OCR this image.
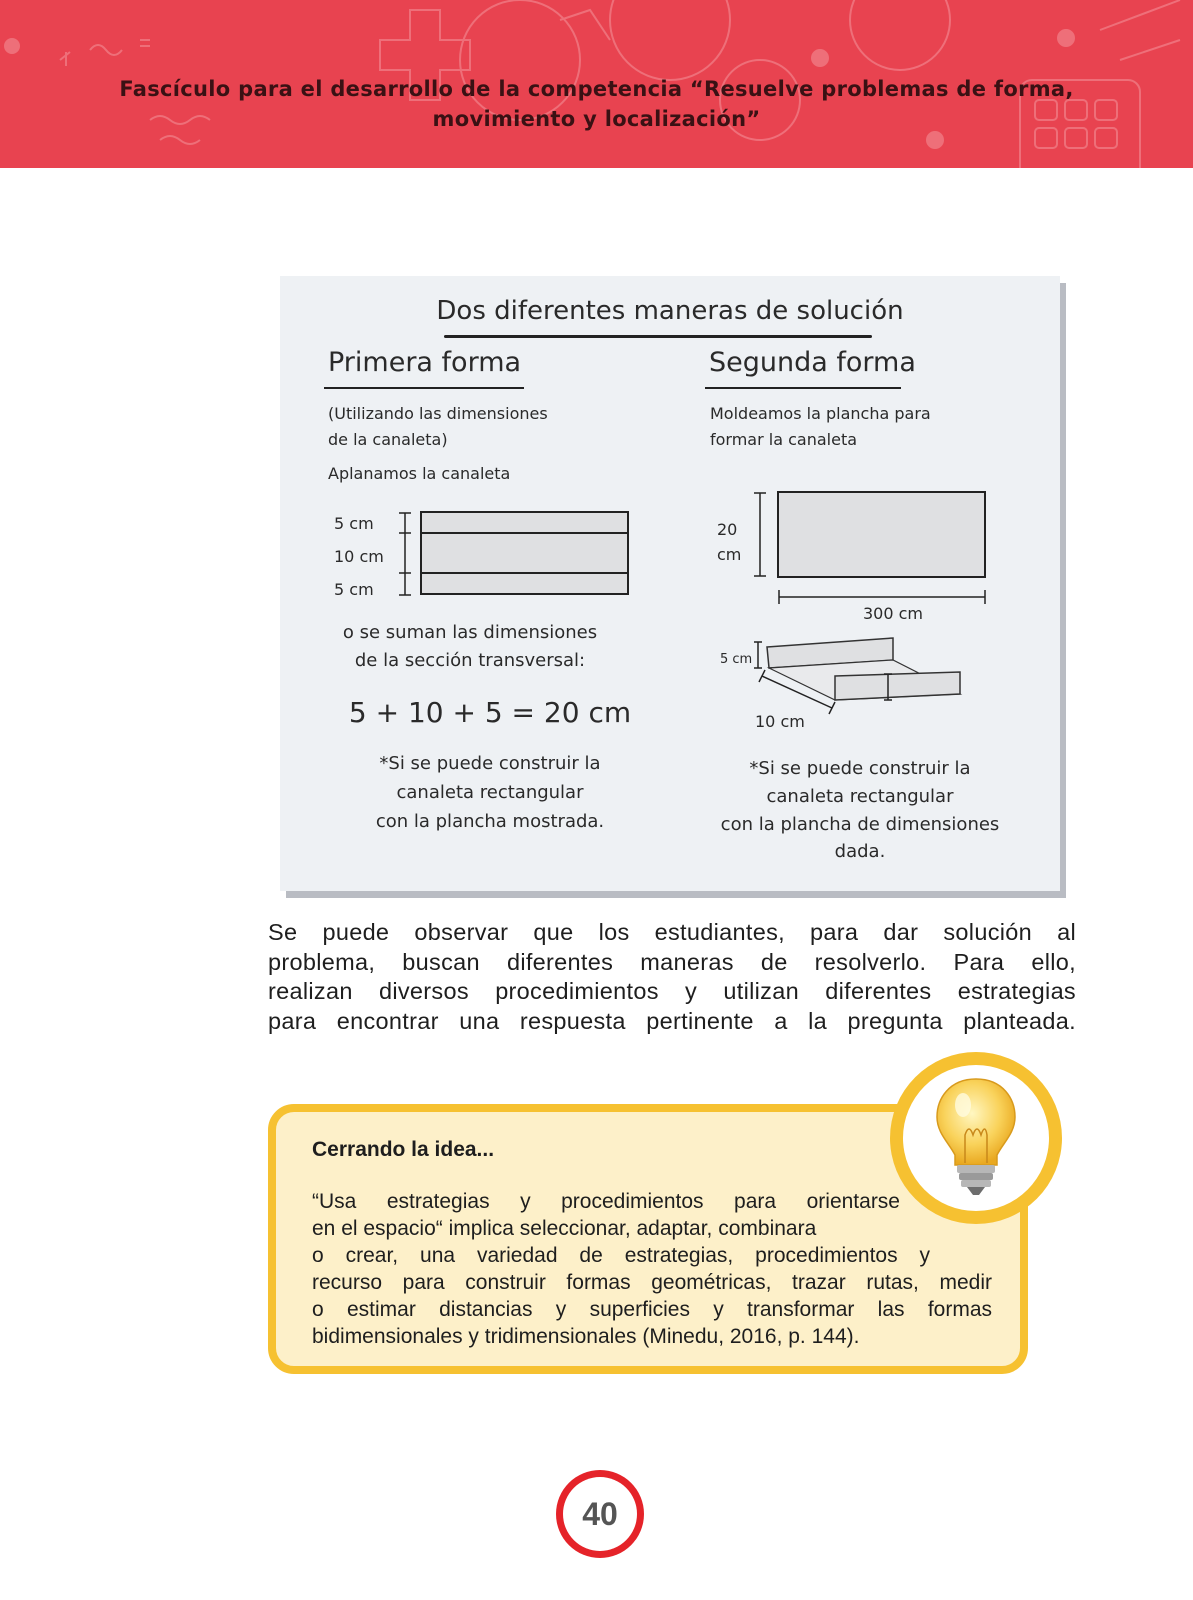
Fascículo para el desarrollo de la competencia “Resuelve problemas de forma,
movimiento y localización”
Dos diferentes maneras de solución
Primera forma	Segunda forma
(Utilizando las dimensiones
de la canaleta)
Aplanamos la canaleta
5 cm
10 cm
5 cm
o se suman las dimensiones
de la sección transversal:
5 + 10 + 5 = 20 cm
*Si se puede construir la
canaleta rectangular
con la plancha mostrada.
Moldeamos la plancha para
formar la canaleta
20
cm
300 cm
5 cm
10 cm
*Si se puede construir la
canaleta rectangular
con la plancha de dimensiones
dada.
Se puede observar que los estudiantes, para dar solución al
problema, buscan diferentes maneras de resolverlo. Para ello,
realizan diversos procedimientos y utilizan diferentes estrategias
para encontrar una respuesta pertinente a la pregunta planteada.
Cerrando la idea...
“Usa estrategias y procedimientos para orientarse
en el espacio“ implica seleccionar, adaptar, combinara
o crear, una variedad de estrategias, procedimientos y
recurso para construir formas geométricas, trazar rutas, medir
o estimar distancias y superficies y transformar las formas
bidimensionales y tridimensionales (Minedu, 2016, p. 144).
40
